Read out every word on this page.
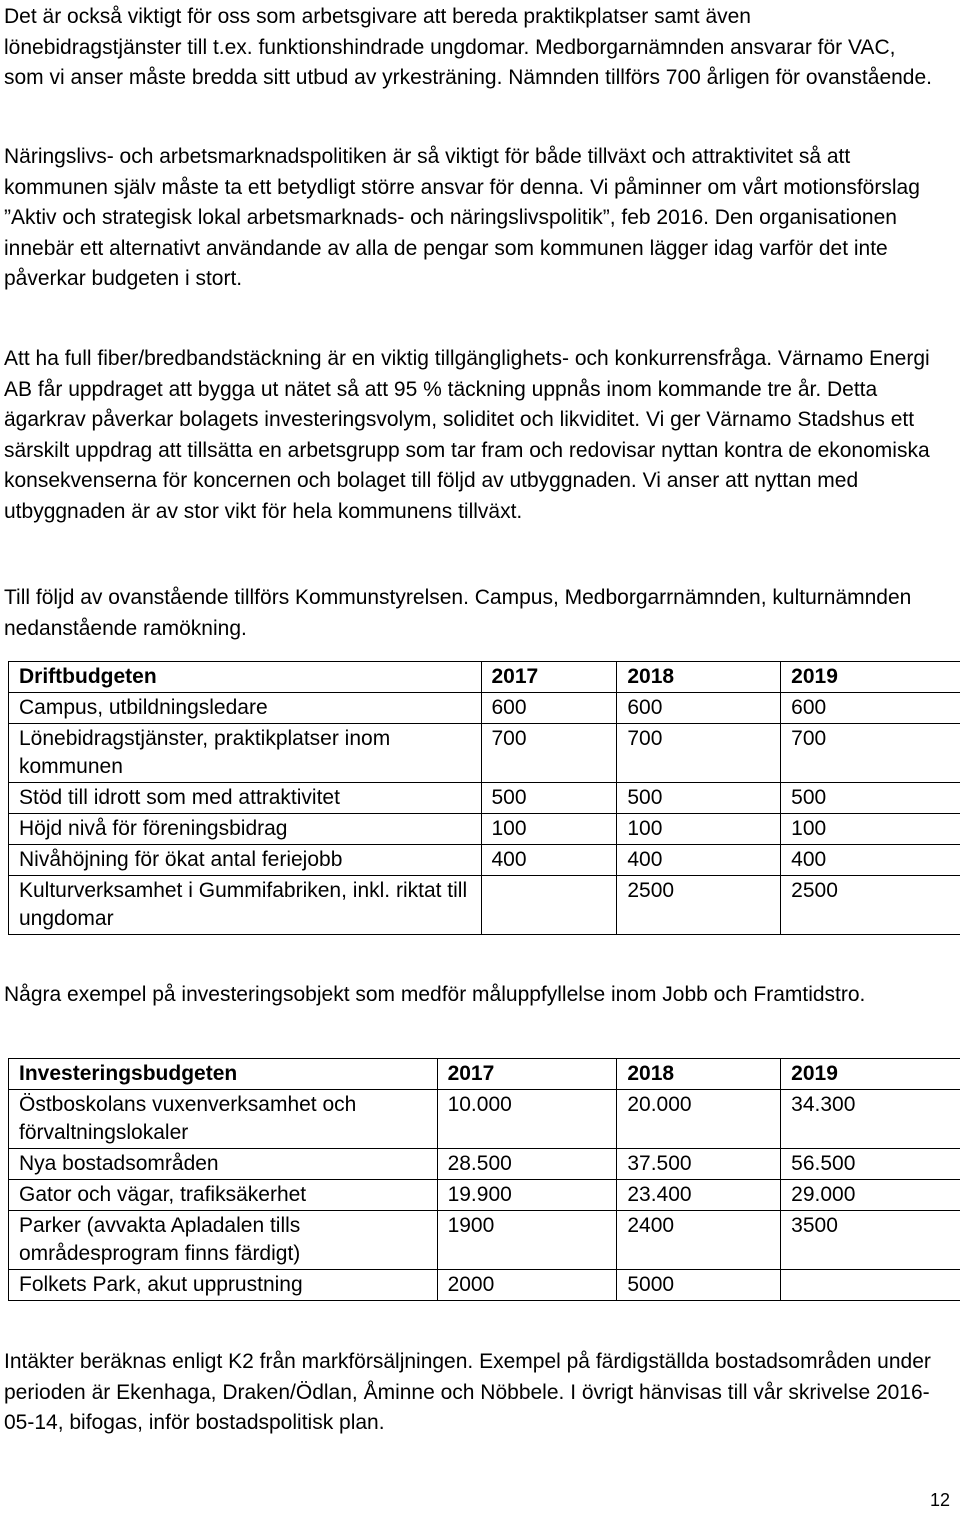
Det är också viktigt för oss som arbetsgivare att bereda praktikplatser samt även lönebidragstjänster till t.ex. funktionshindrade ungdomar. Medborgarnämnden ansvarar för VAC, som vi anser måste bredda sitt utbud av yrkesträning. Nämnden tillförs 700 årligen för ovanstående.

Näringslivs- och arbetsmarknadspolitiken är så viktigt för både tillväxt och attraktivitet så att kommunen själv måste ta ett betydligt större ansvar för denna. Vi påminner om vårt motionsförslag ”Aktiv och strategisk lokal arbetsmarknads- och näringslivspolitik”, feb 2016. Den organisationen innebär ett alternativt användande av alla de pengar som kommunen lägger idag varför det inte påverkar budgeten i stort.

Att ha full fiber/bredbandstäckning är en viktig tillgänglighets- och konkurrensfråga. Värnamo Energi AB får uppdraget att bygga ut nätet så att 95 % täckning uppnås inom kommande tre år. Detta ägarkrav påverkar bolagets investeringsvolym, soliditet och likviditet. Vi ger Värnamo Stadshus ett särskilt uppdrag att tillsätta en arbetsgrupp som tar fram och redovisar nyttan kontra de ekonomiska konsekvenserna för koncernen och bolaget till följd av utbyggnaden. Vi anser att nyttan med utbyggnaden är av stor vikt för hela kommunens tillväxt.

Till följd av ovanstående tillförs Kommunstyrelsen. Campus, Medborgarrnämnden, kulturnämnden nedanstående ramökning.

Driftbudgeten	2017	2018	2019
Campus, utbildningsledare	600	600	600
Lönebidragstjänster, praktikplatser inom kommunen	700	700	700
Stöd till idrott som med attraktivitet	500	500	500
Höjd nivå för föreningsbidrag	100	100	100
Nivåhöjning för ökat antal feriejobb	400	400	400
Kulturverksamhet i Gummifabriken, inkl. riktat till ungdomar		2500	2500

Några exempel på investeringsobjekt som medför måluppfyllelse inom Jobb och Framtidstro.

Investeringsbudgeten	2017	2018	2019
Östboskolans vuxenverksamhet och förvaltningslokaler	10.000	20.000	34.300
Nya bostadsområden	28.500	37.500	56.500
Gator och vägar, trafiksäkerhet	19.900	23.400	29.000
Parker (avvakta Apladalen tills områdesprogram finns färdigt)	1900	2400	3500
Folkets Park, akut upprustning	2000	5000	

Intäkter beräknas enligt K2 från markförsäljningen. Exempel på färdigställda bostadsområden under perioden är Ekenhaga, Draken/Ödlan, Åminne och Nöbbele. I övrigt hänvisas till vår skrivelse 2016-05-14, bifogas, inför bostadspolitisk plan.

12
